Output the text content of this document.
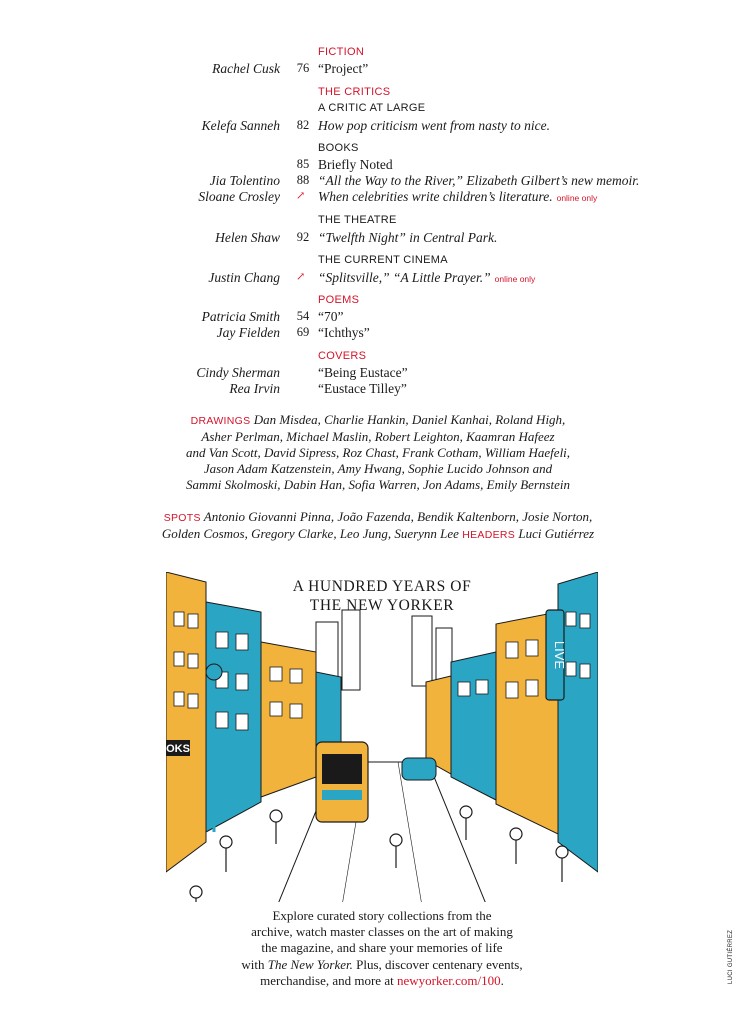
FICTION
Rachel Cusk	76 “Project”
THE CRITICS
A CRITIC AT LARGE
Kelefa Sanneh	82 How pop criticism went from nasty to nice.
BOOKS
85 Briefly Noted
Jia Tolentino	88 “All the Way to the River,” Elizabeth Gilbert’s new memoir.
Sloane Crosley ↗ When celebrities write children’s literature. online only
THE THEATRE
Helen Shaw	92 “Twelfth Night” in Central Park.
THE CURRENT CINEMA
Justin Chang ↗ “Splitsville,” “A Little Prayer.” online only
POEMS
Patricia Smith	54 “70”
Jay Fielden	69 “Ichthys”
COVERS
Cindy Sherman	“Being Eustace”
Rea Irvin	“Eustace Tilley”
DRAWINGS Dan Misdea, Charlie Hankin, Daniel Kanhai, Roland High,
Asher Perlman, Michael Maslin, Robert Leighton, Kaamran Hafeez
and Van Scott, David Sipress, Roz Chast, Frank Cotham, William Haefeli,
Jason Adam Katzenstein, Amy Hwang, Sophie Lucido Johnson and
Sammi Skolmoski, Dabin Han, Sofia Warren, Jon Adams, Emily Bernstein
SPOTS Antonio Giovanni Pinna, João Fazenda, Bendik Kaltenborn, Josie Norton,
Golden Cosmos, Gregory Clarke, Leo Jung, Suerynn Lee HEADERS Luci Gutiérrez
LIVE
OKS
A HUNDRED YEARS OF
THE NEW YORKER
Explore curated story collections from the
archive, watch master classes on the art of making
the magazine, and share your memories of life
with The New Yorker. Plus, discover centenary events,
merchandise, and more at newyorker.com/100.	LUCI GUTIÉRREZ
